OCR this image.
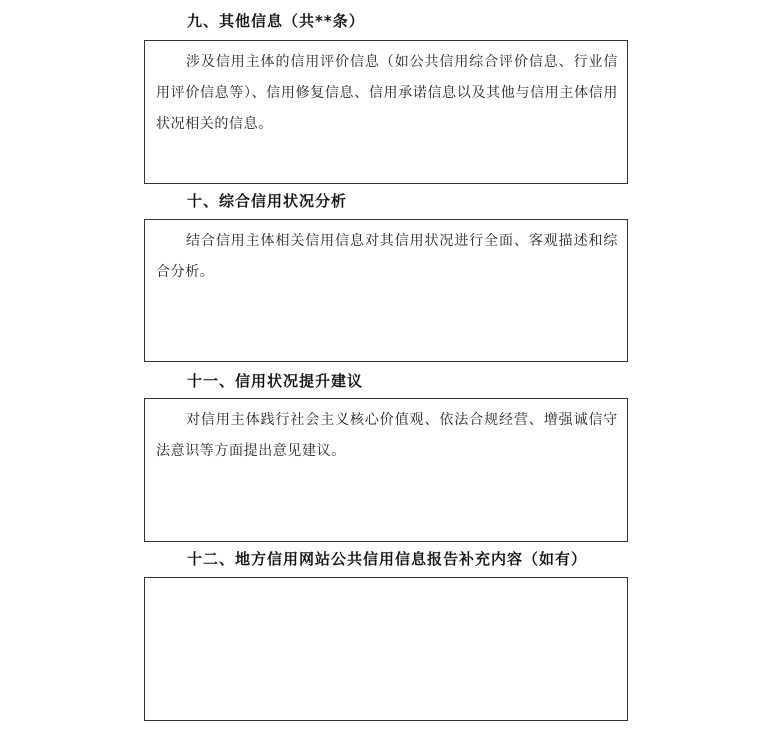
九、其他信息（共**条）
涉及信用主体的信用评价信息（如公共信用综合评价信息、行业信用评价信息等）、信用修复信息、信用承诺信息以及其他与信用主体信用状况相关的信息。
十、综合信用状况分析
结合信用主体相关信用信息对其信用状况进行全面、客观描述和综合分析。
十一、信用状况提升建议
对信用主体践行社会主义核心价值观、依法合规经营、增强诚信守法意识等方面提出意见建议。
十二、地方信用网站公共信用信息报告补充内容（如有）
